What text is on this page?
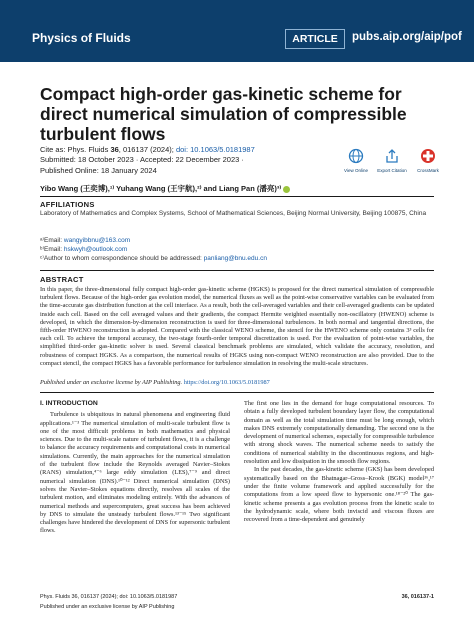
Physics of Fluids	ARTICLE	pubs.aip.org/aip/pof
Compact high-order gas-kinetic scheme for direct numerical simulation of compressible turbulent flows
Cite as: Phys. Fluids 36, 016137 (2024); doi: 10.1063/5.0181987
Submitted: 18 October 2023 · Accepted: 22 December 2023 ·
Published Online: 18 January 2024	View Online	Export Citation	CrossMark
Yibo Wang (王奕博),¹⁾ Yuhang Wang (王宇航),²⁾ and Liang Pan (潘亮)³⁾
AFFILIATIONS
Laboratory of Mathematics and Complex Systems, School of Mathematical Sciences, Beijing Normal University, Beijing 100875, China
ᵃ⁾Email: wangyibbnu@163.com
ᵇ⁾Email: hskwyh@outlook.com
ᶜ⁾Author to whom correspondence should be addressed: panliang@bnu.edu.cn
ABSTRACT
In this paper, the three-dimensional fully compact high-order gas-kinetic scheme (HGKS) is proposed for the direct numerical simulation of compressible turbulent flows. Because of the high-order gas evolution model, the numerical fluxes as well as the point-wise conservative variables can be evaluated from the time-accurate gas distribution function at the cell interface. As a result, both the cell-averaged variables and their cell-averaged gradients can be updated inside each cell. Based on the cell averaged values and their gradients, the compact Hermite weighted essentially non-oscillatory (HWENO) scheme is developed, in which the dimension-by-dimension reconstruction is used for three-dimensional turbulences. In both normal and tangential directions, the fifth-order HWENO reconstruction is adopted. Compared with the classical WENO scheme, the stencil for the HWENO scheme only contains 3³ cells for each cell. To achieve the temporal accuracy, the two-stage fourth-order temporal discretization is used. For the evaluation of point-wise variables, the simplified third-order gas-kinetic solver is used. Several classical benchmark problems are simulated, which validate the accuracy, resolution, and robustness of compact HGKS. As a comparison, the numerical results of HGKS using non-compact WENO reconstruction are also provided. Due to the compact stencil, the compact HGKS has a favorable performance for turbulence simulation in resolving the multi-scale structures.
Published under an exclusive license by AIP Publishing. https://doi.org/10.1063/5.0181987
I. INTRODUCTION

Turbulence is ubiquitous in natural phenomena and engineering fluid applications.¹⁻³ The numerical simulation of multi-scale turbulent flow is one of the most difficult problems in both mathematics and physical sciences. Due to the multi-scale nature of turbulent flows, it is a challenge to balance the accuracy requirements and computational costs in numerical simulations. Currently, the main approaches for the numerical simulation of the turbulent flow include the Reynolds averaged Navier–Stokes (RANS) simulation,⁴⁻⁶ large eddy simulation (LES),⁷⁻⁹ and direct numerical simulation (DNS).¹⁰⁻¹² Direct numerical simulation (DNS) solves the Navier–Stokes equations directly, resolves all scales of the turbulent motion, and eliminates modeling entirely. With the advances of numerical methods and supercomputers, great success has been achieved by DNS to simulate the unsteady turbulent flows.¹³⁻¹⁵ Two significant challenges have hindered the development of DNS for supersonic turbulent flows.

The first one lies in the demand for huge computational resources. To obtain a fully developed turbulent boundary layer flow, the computational domain as well as the total simulation time must be long enough, which makes DNS extremely computationally demanding. The second one is the development of numerical schemes, especially for compressible turbulence with strong shock waves. The numerical scheme needs to satisfy the conditions of numerical stability in the discontinuous regions, and high-resolution and low dissipation in the smooth flow regions.

In the past decades, the gas-kinetic scheme (GKS) has been developed systematically based on the Bhatnagar–Gross–Krook (BGK) model¹⁶,¹⁷ under the finite volume framework and applied successfully for the computations from a low speed flow to hypersonic one.¹⁸⁻²⁰ The gas-kinetic scheme presents a gas evolution process from the kinetic scale to the hydrodynamic scale, where both inviscid and viscous fluxes are recovered from a time-dependent and genuinely

Phys. Fluids 36, 016137 (2024); doi: 10.1063/5.0181987	36, 016137-1
Published under an exclusive license by AIP Publishing
